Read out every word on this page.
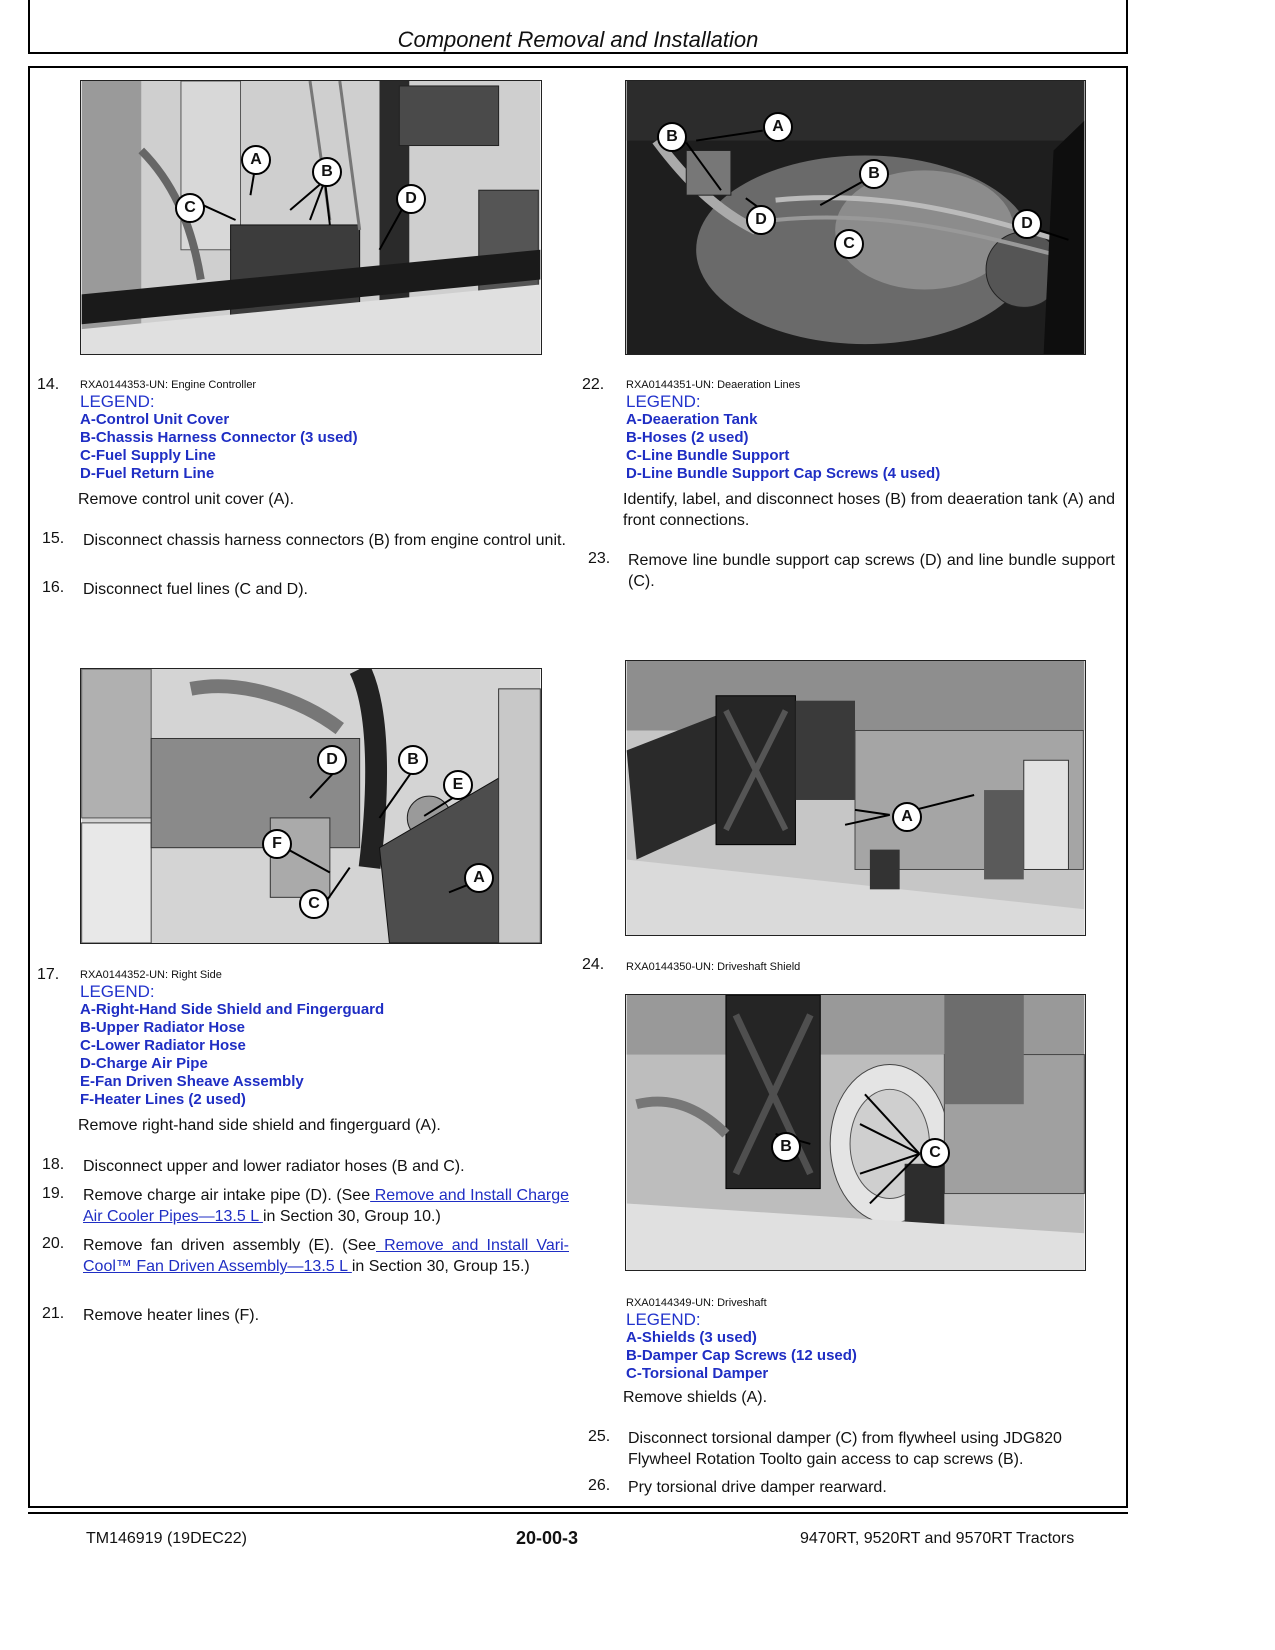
Component Removal and Installation
A
B
C
D
14. RXA0144353-UN: Engine Controller
LEGEND:
A-Control Unit Cover
B-Chassis Harness Connector (3 used)
C-Fuel Supply Line
D-Fuel Return Line
Remove control unit cover (A).
15. Disconnect chassis harness connectors (B) from engine control unit.
16. Disconnect fuel lines (C and D).
A
B
C
D
E
F
17. RXA0144352-UN: Right Side
LEGEND:
A-Right-Hand Side Shield and Fingerguard
B-Upper Radiator Hose
C-Lower Radiator Hose
D-Charge Air Pipe
E-Fan Driven Sheave Assembly
F-Heater Lines (2 used)
Remove right-hand side shield and fingerguard (A).
18. Disconnect upper and lower radiator hoses (B and C).
19. Remove charge air intake pipe (D). (See Remove and Install Charge Air Cooler Pipes—13.5 L in Section 30, Group 10.)
20. Remove fan driven assembly (E). (See Remove and Install Vari-Cool™ Fan Driven Assembly—13.5 L in Section 30, Group 15.)
21. Remove heater lines (F).
A
B
B
C
D	D
22. RXA0144351-UN: Deaeration Lines
LEGEND:
A-Deaeration Tank
B-Hoses (2 used)
C-Line Bundle Support
D-Line Bundle Support Cap Screws (4 used)
Identify, label, and disconnect hoses (B) from deaeration tank (A) and front connections.
23. Remove line bundle support cap screws (D) and line bundle support (C).
A
24. RXA0144350-UN: Driveshaft Shield
B	C
RXA0144349-UN: Driveshaft
LEGEND:
A-Shields (3 used)
B-Damper Cap Screws (12 used)
C-Torsional Damper
Remove shields (A).
25. Disconnect torsional damper (C) from flywheel using JDG820 Flywheel Rotation Toolto gain access to cap screws (B).
26. Pry torsional drive damper rearward.
TM146919 (19DEC22)	20-00-3	9470RT, 9520RT and 9570RT Tractors
